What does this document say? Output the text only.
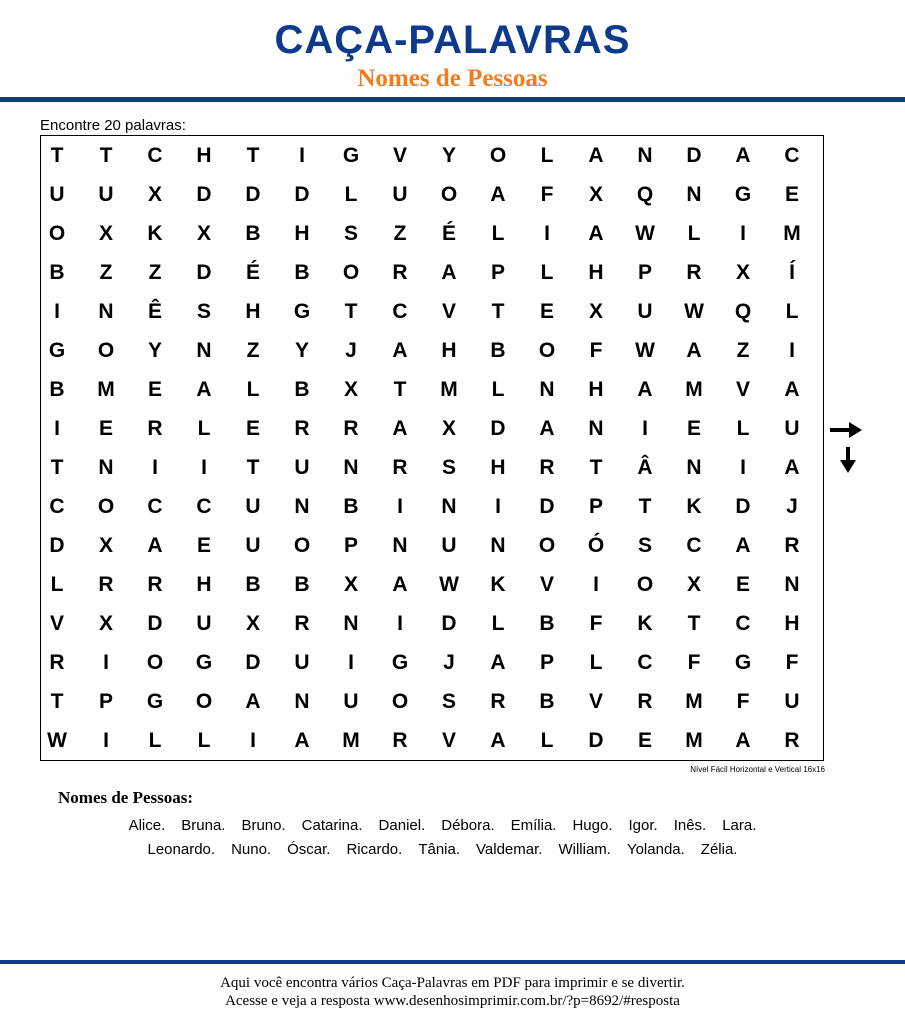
CAÇA-PALAVRAS
Nomes de Pessoas
Encontre 20 palavras:
T	T	C	H	T	I	G	V	Y	O	L	A	N	D	A	C
U	U	X	D	D	D	L	U	O	A	F	X	Q	N	G	E
O	X	K	X	B	H	S	Z	É	L	I	A	W	L	I	M
B	Z	Z	D	É	B	O	R	A	P	L	H	P	R	X	Í
I	N	Ê	S	H	G	T	C	V	T	E	X	U	W	Q	L
G	O	Y	N	Z	Y	J	A	H	B	O	F	W	A	Z	I
B	M	E	A	L	B	X	T	M	L	N	H	A	M	V	A
I	E	R	L	E	R	R	A	X	D	A	N	I	E	L	U
T	N	I	I	T	U	N	R	S	H	R	T	Â	N	I	A
C	O	C	C	U	N	B	I	N	I	D	P	T	K	D	J
D	X	A	E	U	O	P	N	U	N	O	Ó	S	C	A	R
L	R	R	H	B	B	X	A	W	K	V	I	O	X	E	N
V	X	D	U	X	R	N	I	D	L	B	F	K	T	C	H
R	I	O	G	D	U	I	G	J	A	P	L	C	F	G	F
T	P	G	O	A	N	U	O	S	R	B	V	R	M	F	U
W	I	L	L	I	A	M	R	V	A	L	D	E	M	A	R
Nível Fácil Horizontal e Vertical 16x16
Nomes de Pessoas:
Alice. Bruna. Bruno. Catarina. Daniel. Débora. Emília. Hugo. Igor. Inês. Lara.
Leonardo. Nuno. Óscar. Ricardo. Tânia. Valdemar. William. Yolanda. Zélia.
Aqui você encontra vários Caça-Palavras em PDF para imprimir e se divertir.
Acesse e veja a resposta www.desenhosimprimir.com.br/?p=8692/#resposta
